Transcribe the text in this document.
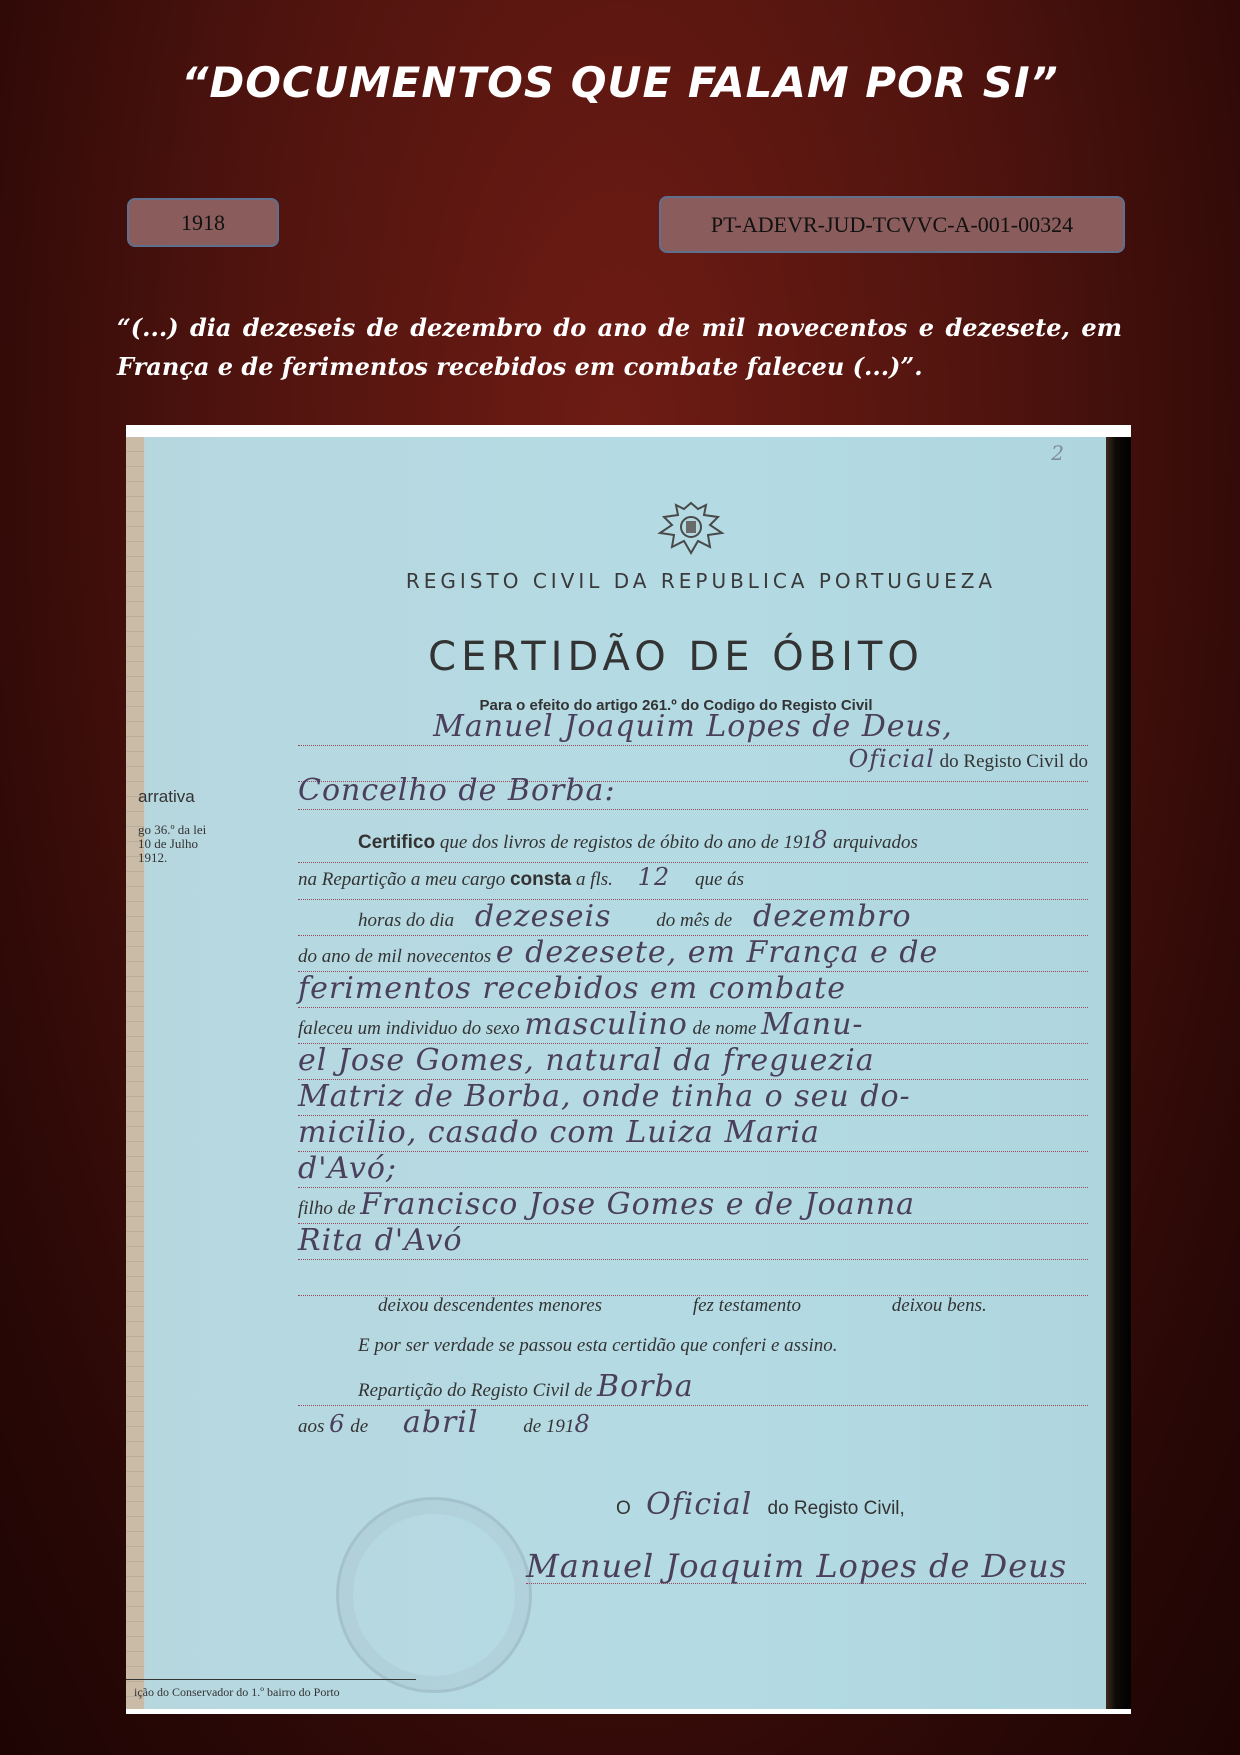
“DOCUMENTOS QUE FALAM POR SI”
1918	PT-ADEVR-JUD-TCVVC-A-001-00324

“(...) dia dezeseis de dezembro do ano de mil novecentos e dezesete, em França e de ferimentos recebidos em combate faleceu (...)”.

2
REGISTO CIVIL DA REPUBLICA PORTUGUEZA
CERTIDÃO DE ÓBITO
Para o efeito do artigo 261.º do Codigo do Registo Civil
arrativa
go 36.º da lei
10 de Julho
1912.
Manuel Joaquim Lopes de Deus,
Oficial do Registo Civil do
Concelho de Borba:
Certifico que dos livros de registos de óbito do ano de 1918 arquivados
na Repartição a meu cargo consta a fls. 12 que ás
horas do dia dezeseis do mês de dezembro
do ano de mil novecentos e dezesete, em França e de
ferimentos recebidos em combate
faleceu um individuo do sexo masculino de nome Manu-
el Jose Gomes, natural da freguezia
Matriz de Borba, onde tinha o seu do-
micilio, casado com Luiza Maria
d'Avó;
filho de Francisco Jose Gomes e de Joanna
Rita d'Avó
deixou descendentes menores	fez testamento	deixou bens.
E por ser verdade se passou esta certidão que conferi e assino.
Repartição do Registo Civil de Borba
aos 6 de abril de 1918
O Oficial do Registo Civil,
Manuel Joaquim Lopes de Deus
ição do Conservador do 1.º bairro do Porto
